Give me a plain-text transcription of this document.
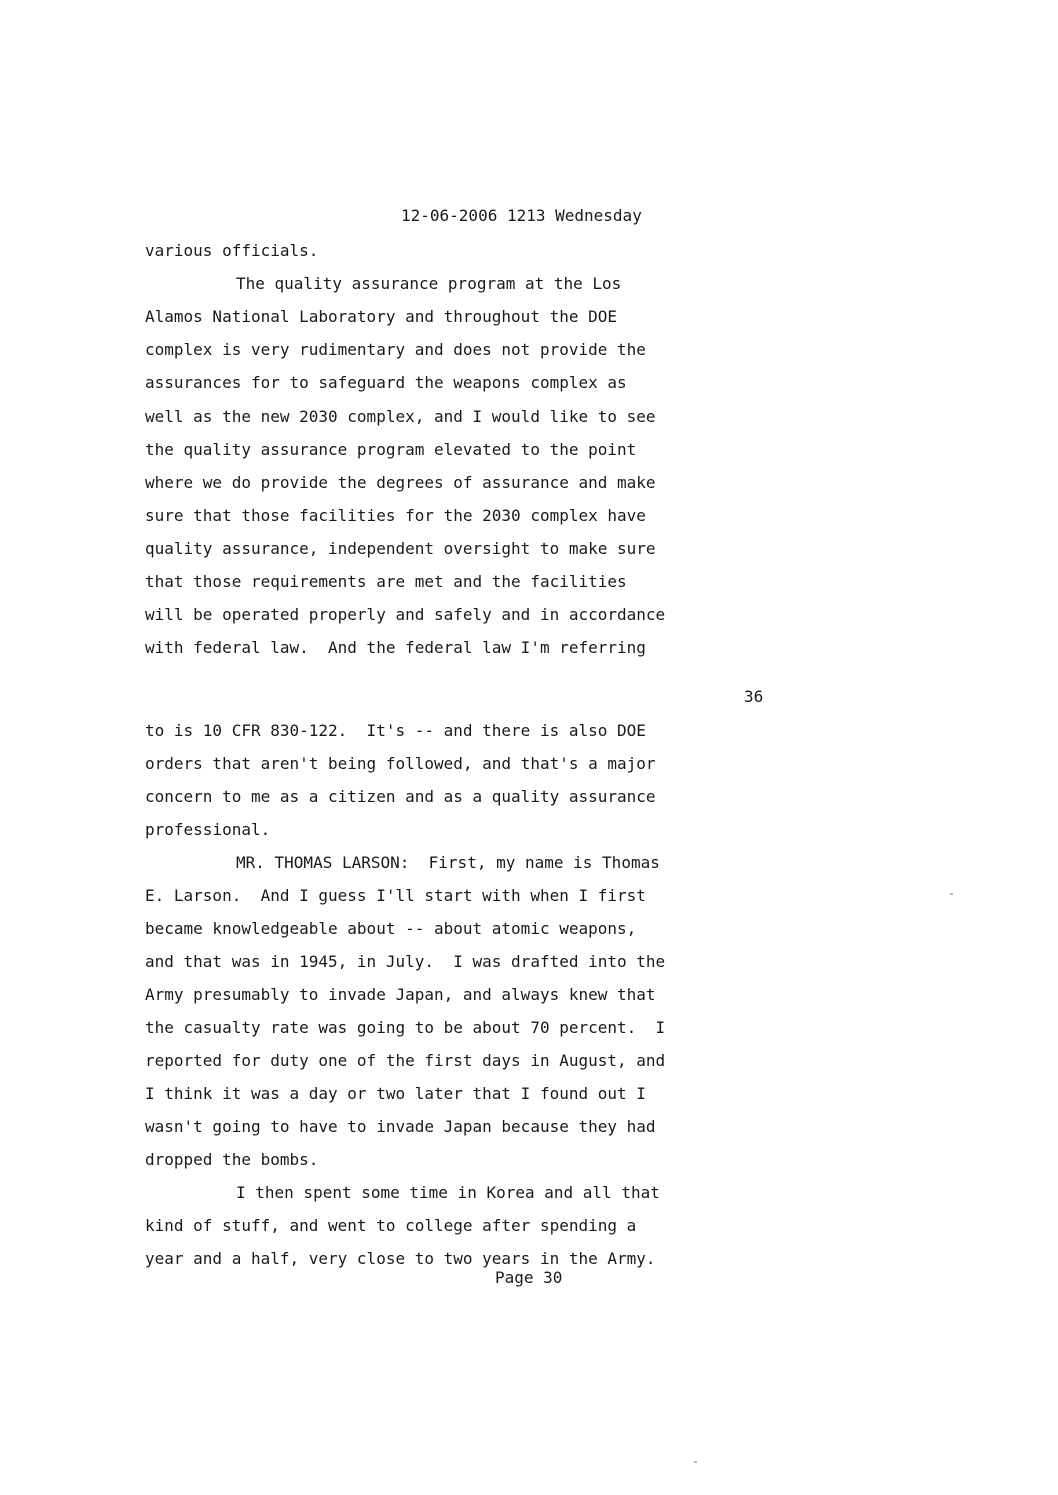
12-06-2006 1213 Wednesday
various officials.
The quality assurance program at the Los
Alamos National Laboratory and throughout the DOE
complex is very rudimentary and does not provide the
assurances for to safeguard the weapons complex as
well as the new 2030 complex, and I would like to see
the quality assurance program elevated to the point
where we do provide the degrees of assurance and make
sure that those facilities for the 2030 complex have
quality assurance, independent oversight to make sure
that those requirements are met and the facilities
will be operated properly and safely and in accordance
with federal law.  And the federal law I'm referring
36
to is 10 CFR 830-122.  It's -- and there is also DOE
orders that aren't being followed, and that's a major
concern to me as a citizen and as a quality assurance
professional.
MR. THOMAS LARSON:  First, my name is Thomas
E. Larson.  And I guess I'll start with when I first
became knowledgeable about -- about atomic weapons,
and that was in 1945, in July.  I was drafted into the
Army presumably to invade Japan, and always knew that
the casualty rate was going to be about 70 percent.  I
reported for duty one of the first days in August, and
I think it was a day or two later that I found out I
wasn't going to have to invade Japan because they had
dropped the bombs.
I then spent some time in Korea and all that
kind of stuff, and went to college after spending a
year and a half, very close to two years in the Army.
Page 30
